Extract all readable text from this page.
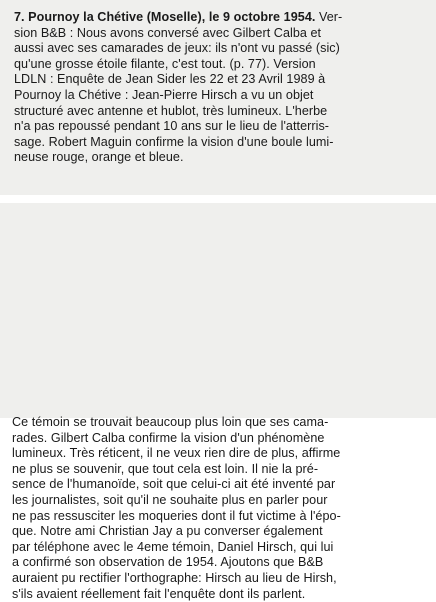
7. Pournoy la Chétive (Moselle), le 9 octobre 1954. Ver-
sion B&B : Nous avons conversé avec Gilbert Calba et
aussi avec ses camarades de jeux: ils n'ont vu passé (sic)
qu'une grosse étoile filante, c'est tout. (p. 77). Version
LDLN : Enquête de Jean Sider les 22 et 23 Avril 1989 à
Pournoy la Chétive : Jean-Pierre Hirsch a vu un objet
structuré avec antenne et hublot, très lumineux. L'herbe
n'a pas repoussé pendant 10 ans sur le lieu de l'atterris-
sage. Robert Maguin confirme la vision d'une boule lumi-
neuse rouge, orange et bleue.
Ce témoin se trouvait beaucoup plus loin que ses cama-
rades. Gilbert Calba confirme la vision d'un phénomène
lumineux. Très réticent, il ne veux rien dire de plus, affirme
ne plus se souvenir, que tout cela est loin. Il nie la pré-
sence de l'humanoïde, soit que celui-ci ait été inventé par
les journalistes, soit qu'il ne souhaite plus en parler pour
ne pas ressusciter les moqueries dont il fut victime à l'épo-
que. Notre ami Christian Jay a pu converser également
par téléphone avec le 4eme témoin, Daniel Hirsch, qui lui
a confirmé son observation de 1954. Ajoutons que B&B
auraient pu rectifier l'orthographe: Hirsch au lieu de Hirsh,
s'ils avaient réellement fait l'enquête dont ils parlent.
